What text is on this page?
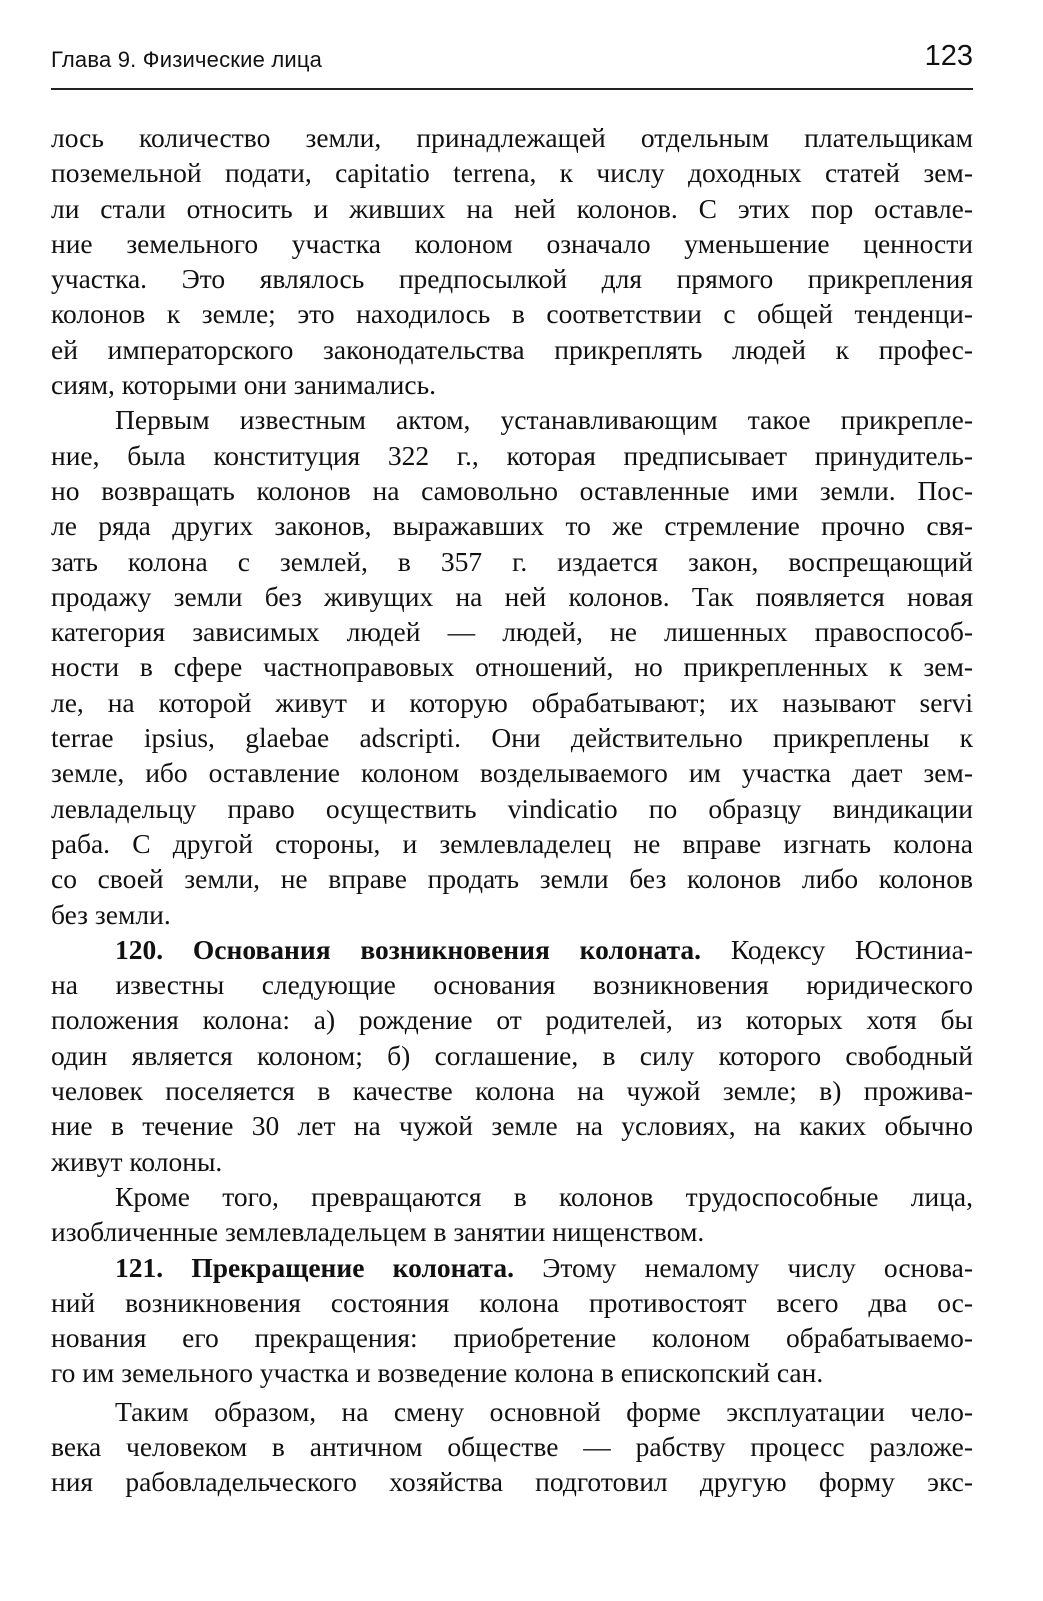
Глава 9. Физические лица	123
лось количество земли, принадлежащей отдельным плательщикам
поземельной подати, capitatio terrena, к числу доходных статей зем-
ли стали относить и живших на ней колонов. С этих пор оставле-
ние земельного участка колоном означало уменьшение ценности
участка. Это являлось предпосылкой для прямого прикрепления
колонов к земле; это находилось в соответствии с общей тенденци-
ей императорского законодательства прикреплять людей к профес-
сиям, которыми они занимались.
Первым известным актом, устанавливающим такое прикрепле-
ние, была конституция 322 г., которая предписывает принудитель-
но возвращать колонов на самовольно оставленные ими земли. Пос-
ле ряда других законов, выражавших то же стремление прочно свя-
зать колона с землей, в 357 г. издается закон, воспрещающий
продажу земли без живущих на ней колонов. Так появляется новая
категория зависимых людей — людей, не лишенных правоспособ-
ности в сфере частноправовых отношений, но прикрепленных к зем-
ле, на которой живут и которую обрабатывают; их называют servi
terrae ipsius, glaebae adscripti. Они действительно прикреплены к
земле, ибо оставление колоном возделываемого им участка дает зем-
левладельцу право осуществить vindicatio по образцу виндикации
раба. С другой стороны, и землевладелец не вправе изгнать колона
со своей земли, не вправе продать земли без колонов либо колонов
без земли.
120. Основания возникновения колоната. Кодексу Юстиниа-
на известны следующие основания возникновения юридического
положения колона: а) рождение от родителей, из которых хотя бы
один является колоном; б) соглашение, в силу которого свободный
человек поселяется в качестве колона на чужой земле; в) прожива-
ние в течение 30 лет на чужой земле на условиях, на каких обычно
живут колоны.
Кроме того, превращаются в колонов трудоспособные лица,
изобличенные землевладельцем в занятии нищенством.
121. Прекращение колоната. Этому немалому числу основа-
ний возникновения состояния колона противостоят всего два ос-
нования его прекращения: приобретение колоном обрабатываемо-
го им земельного участка и возведение колона в епископский сан.
Таким образом, на смену основной форме эксплуатации чело-
века человеком в античном обществе — рабству процесс разложе-
ния рабовладельческого хозяйства подготовил другую форму экс-
